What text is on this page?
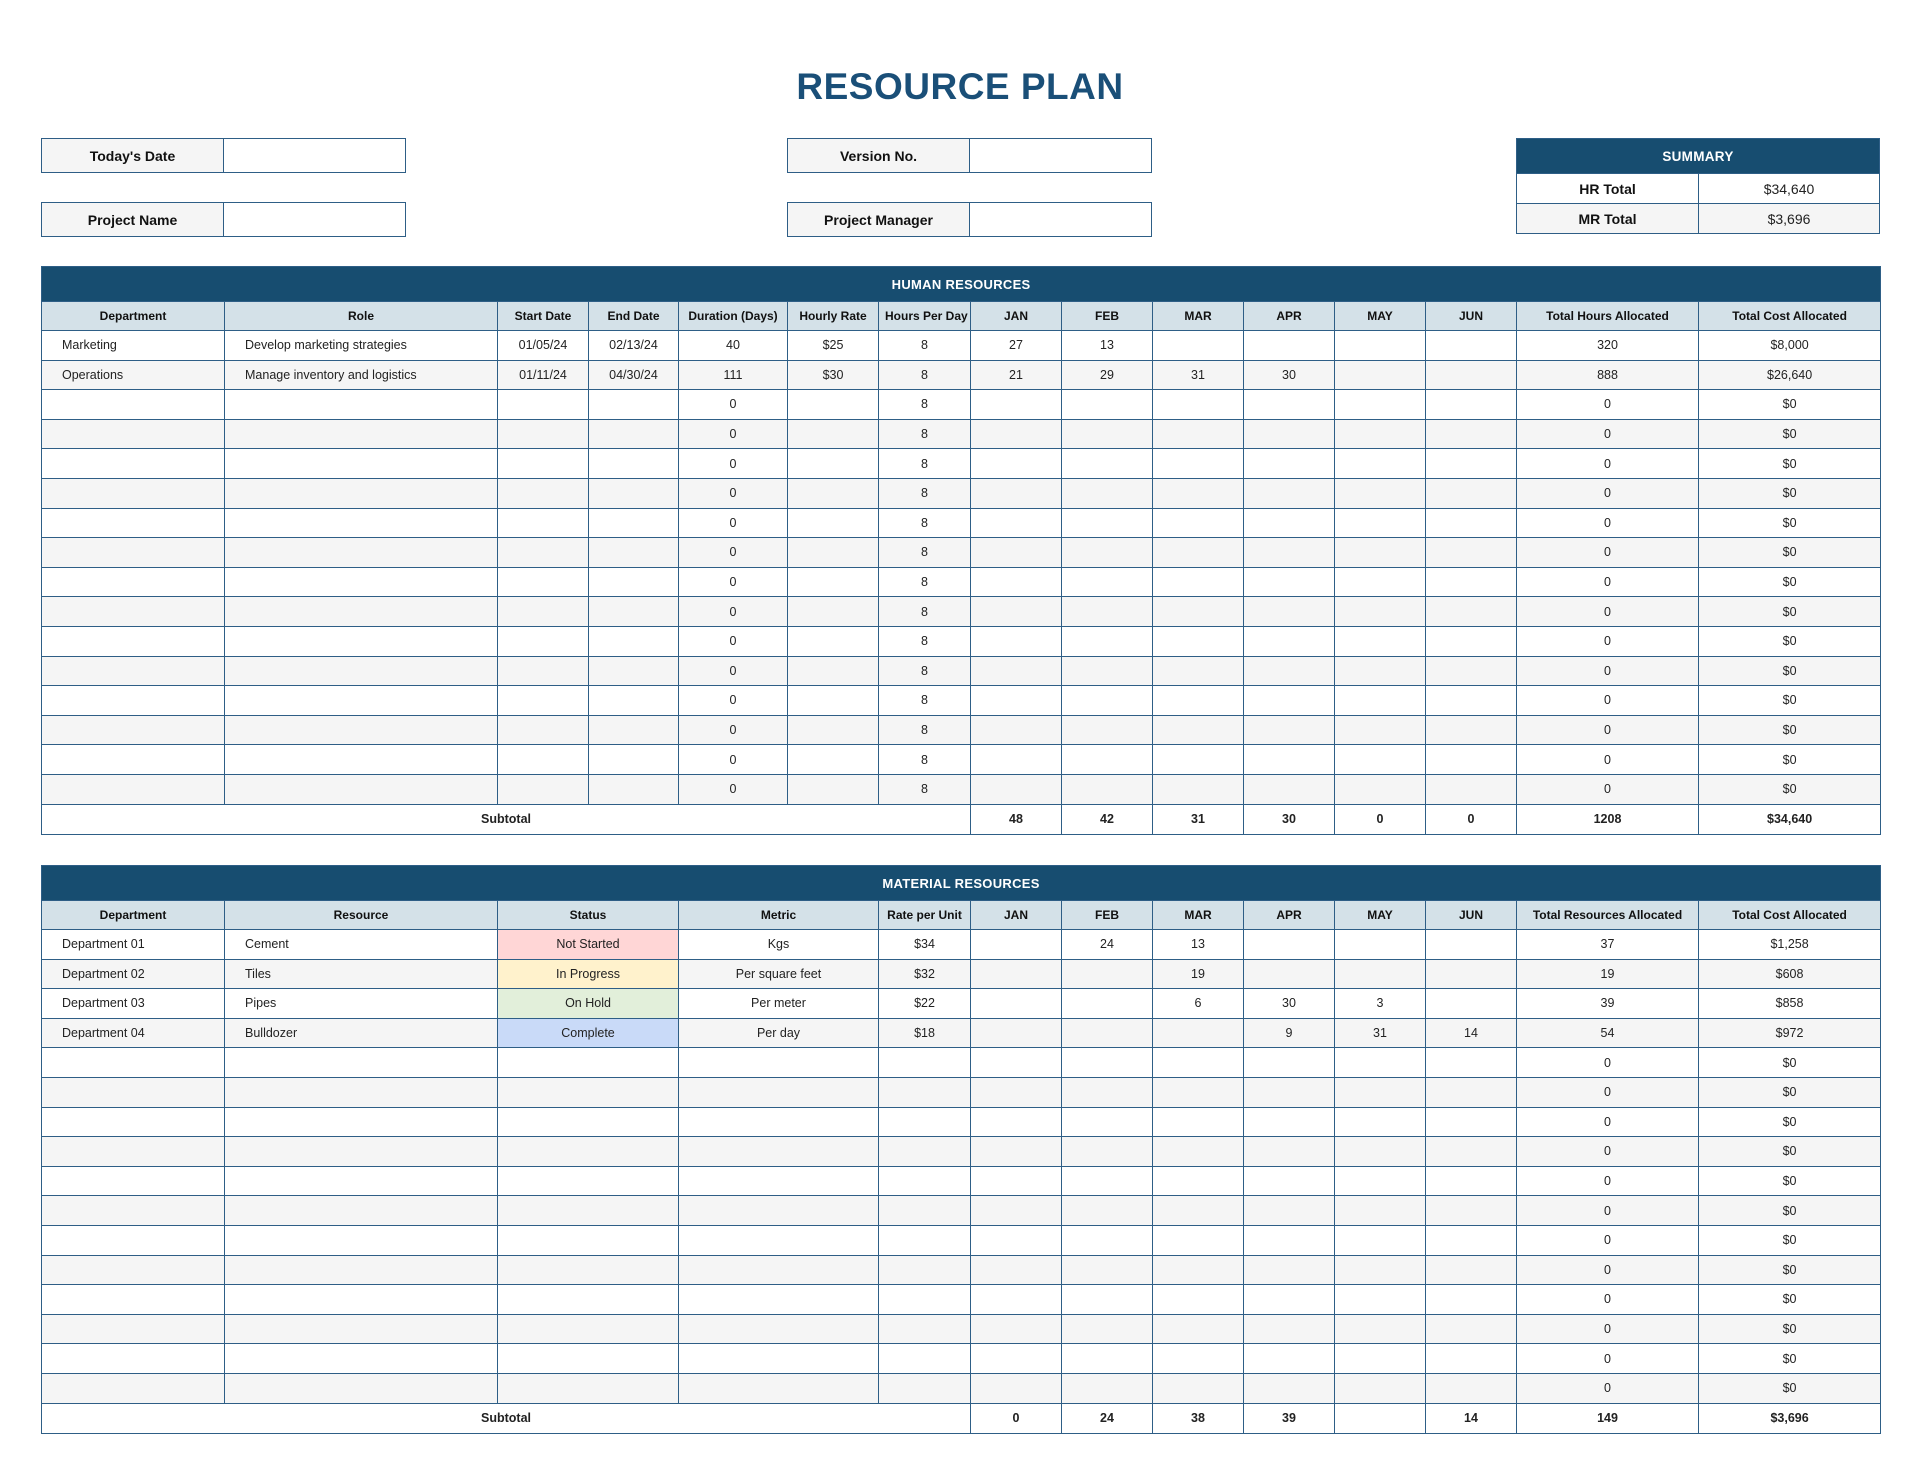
RESOURCE PLAN
Today's Date
Project Name
Version No.
Project Manager
SUMMARY
HR Total	$34,640
MR Total	$3,696
HUMAN RESOURCES														
Department	Role	Start Date	End Date	Duration (Days)	Hourly Rate	Hours Per Day	JAN	FEB	MAR	APR	MAY	JUN	Total Hours Allocated	Total Cost Allocated
Marketing	Develop marketing strategies	01/05/24	02/13/24	40	$25	8	27	13					320	$8,000
Operations	Manage inventory and logistics	01/11/24	04/30/24	111	$30	8	21	29	31	30			888	$26,640
				0		8							0	$0
				0		8							0	$0
				0		8							0	$0
				0		8							0	$0
				0		8							0	$0
				0		8							0	$0
				0		8							0	$0
				0		8							0	$0
				0		8							0	$0
				0		8							0	$0
				0		8							0	$0
				0		8							0	$0
				0		8							0	$0
				0		8							0	$0
Subtotal							48	42	31	30	0	0	1208	$34,640
MATERIAL RESOURCES												
Department	Resource	Status	Metric	Rate per Unit	JAN	FEB	MAR	APR	MAY	JUN	Total Resources Allocated	Total Cost Allocated
Department 01	Cement	Not Started	Kgs	$34		24	13				37	$1,258
Department 02	Tiles	In Progress	Per square feet	$32			19				19	$608
Department 03	Pipes	On Hold	Per meter	$22			6	30	3		39	$858
Department 04	Bulldozer	Complete	Per day	$18				9	31	14	54	$972
											0	$0
											0	$0
											0	$0
											0	$0
											0	$0
											0	$0
											0	$0
											0	$0
											0	$0
											0	$0
											0	$0
											0	$0
Subtotal					0	24	38	39		14	149	$3,696
